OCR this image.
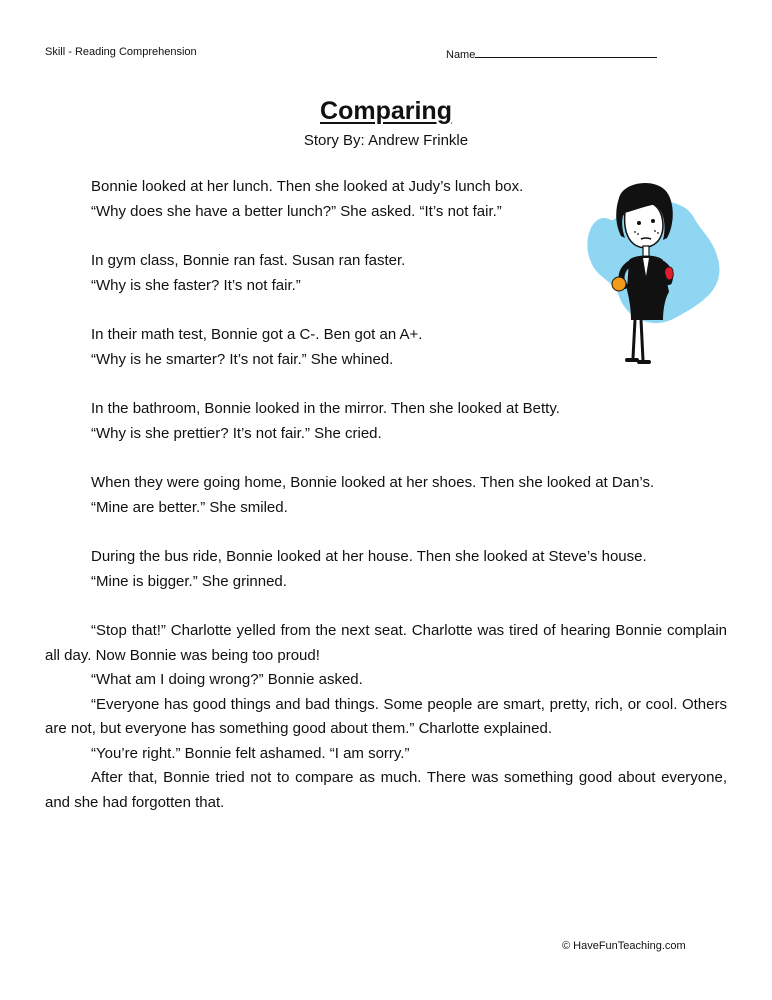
Skill - Reading Comprehension	Name
Comparing
Story By: Andrew Frinkle

Bonnie looked at her lunch. Then she looked at Judy’s lunch box.

“Why does she have a better lunch?” She asked. “It’s not fair.”

In gym class, Bonnie ran fast. Susan ran faster.

“Why is she faster? It’s not fair.”

In their math test, Bonnie got a C-. Ben got an A+.

“Why is he smarter? It’s not fair.” She whined.

In the bathroom, Bonnie looked in the mirror. Then she looked at Betty.

“Why is she prettier? It’s not fair.” She cried.

When they were going home, Bonnie looked at her shoes. Then she looked at Dan’s.

“Mine are better.” She smiled.

During the bus ride, Bonnie looked at her house. Then she looked at Steve’s house.

“Mine is bigger.” She grinned.

“Stop that!” Charlotte yelled from the next seat. Charlotte was tired of hearing Bonnie complain all day. Now Bonnie was being too proud!

“What am I doing wrong?” Bonnie asked.

“Everyone has good things and bad things. Some people are smart, pretty, rich, or cool. Others are not, but everyone has something good about them.” Charlotte explained.

“You’re right.” Bonnie felt ashamed. “I am sorry.”

After that, Bonnie tried not to compare as much. There was something good about everyone, and she had forgotten that.

© HaveFunTeaching.com
